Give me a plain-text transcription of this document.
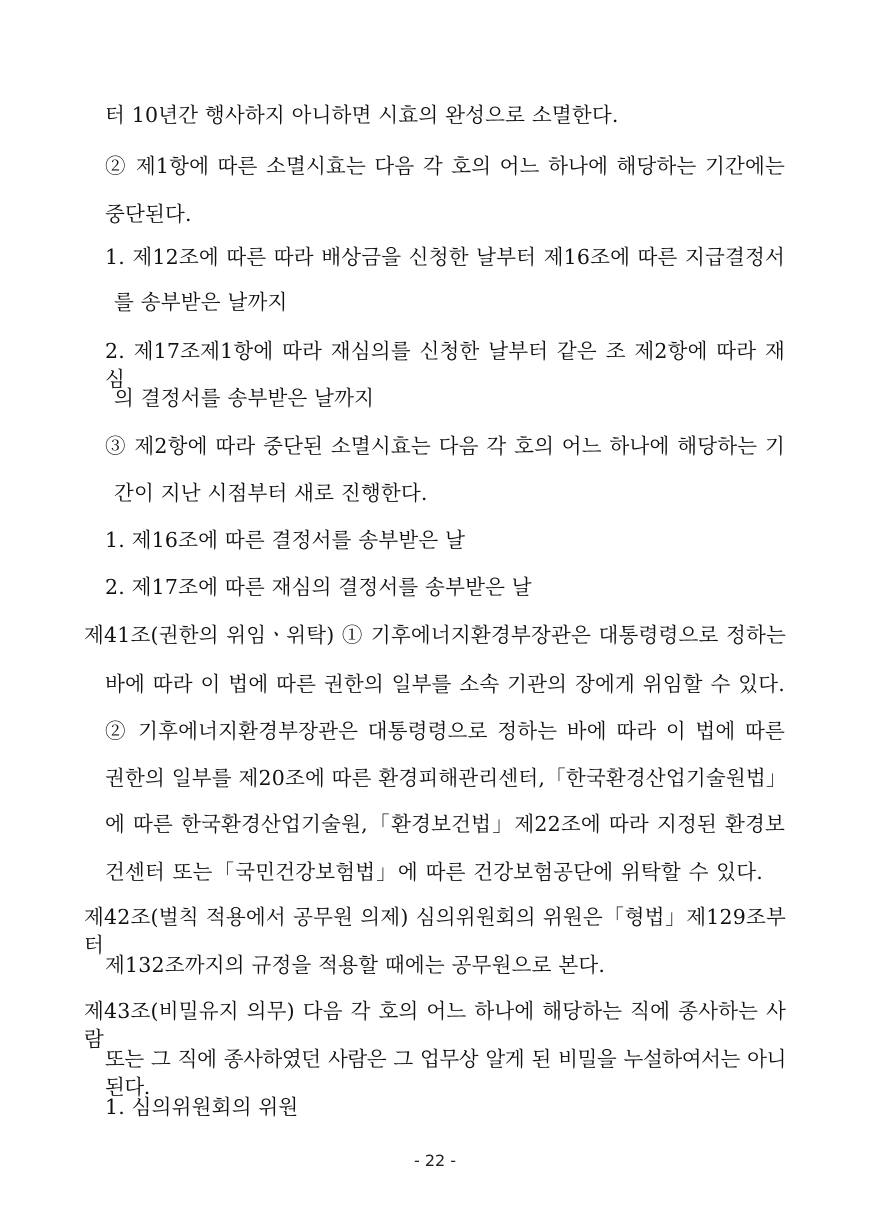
터 10년간 행사하지 아니하면 시효의 완성으로 소멸한다.
② 제1항에 따른 소멸시효는 다음 각 호의 어느 하나에 해당하는 기간에는
중단된다.
1. 제12조에 따른 따라 배상금을 신청한 날부터 제16조에 따른 지급결정서
를 송부받은 날까지
2. 제17조제1항에 따라 재심의를 신청한 날부터 같은 조 제2항에 따라 재심
의 결정서를 송부받은 날까지
③ 제2항에 따라 중단된 소멸시효는 다음 각 호의 어느 하나에 해당하는 기
간이 지난 시점부터 새로 진행한다.
1. 제16조에 따른 결정서를 송부받은 날
2. 제17조에 따른 재심의 결정서를 송부받은 날
제41조(권한의 위임ㆍ위탁) ① 기후에너지환경부장관은 대통령령으로 정하는
바에 따라 이 법에 따른 권한의 일부를 소속 기관의 장에게 위임할 수 있다.
② 기후에너지환경부장관은 대통령령으로 정하는 바에 따라 이 법에 따른
권한의 일부를 제20조에 따른 환경피해관리센터,「한국환경산업기술원법」
에 따른 한국환경산업기술원,「환경보건법」제22조에 따라 지정된 환경보
건센터 또는「국민건강보험법」에 따른 건강보험공단에 위탁할 수 있다.
제42조(벌칙 적용에서 공무원 의제) 심의위원회의 위원은「형법」제129조부터
제132조까지의 규정을 적용할 때에는 공무원으로 본다.
제43조(비밀유지 의무) 다음 각 호의 어느 하나에 해당하는 직에 종사하는 사람
또는 그 직에 종사하였던 사람은 그 업무상 알게 된 비밀을 누설하여서는 아니 된다.
1. 심의위원회의 위원
- 22 -
